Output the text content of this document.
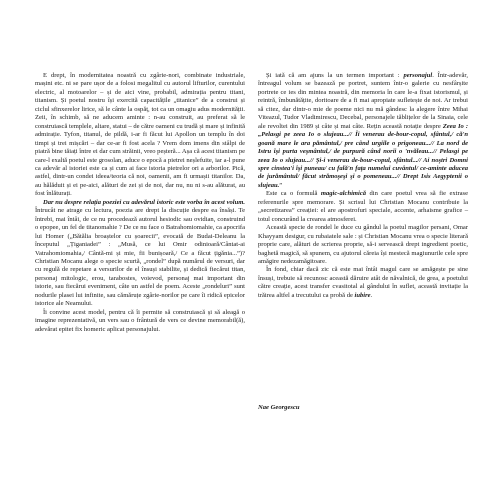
E drept, în modernitatea noastră cu zgârie-nori, combinate industriale, mașini etc. ni se pare ușor de a folosi megalitul cu autorul lifturilor, curentului electric, al motoarelor – și de aici vine, probabil, admirația pentru titani, titanism. Și poetul nostru își exercită capacitățile „titanice” de a construi și ciclul sfinxerelor lirice, să le cânte la ospăț, tot ca un omagiu adus modernității. Zeii, în schimb, să ne aducem aminte : n-au construit, au preferat să le construiască templele, altare, statui – de către oameni cu trudă și mare și infinită admirație. Tyfon, titanul, de pildă, i-ar fi făcut lui Apollon un templu în doi timpi și trei mișcări – dar ce-ar fi fost acela ? Vrem dom imens din stâlpi de piatră bine tăiați între ei dar cum străinii, vreo peșteră... Așa că acest titanism pe care-l exaltă poetul este grosolan, aduce o epocă a pietrei neșlefuite, iar a-l pune ca adevăr al istoriei este ca și cum ai face istoria pietrelor ori a arborilor. Pică, astfel, dintr-un condei ideea/teoria că noi, oamenii, am fi urmașii titanilor. Da, au hălăduit și ei pe-aici, alături de zei și de noi, dar nu, nu ni s-au alăturat, au fost înlăturați.

Dar nu despre relația poeziei cu adevărul istoric este vorba în acest volum. Întrucât ne atrage cu lectura, poezia are drept la discuție despre ea însăși. Te întrebi, mai întâi, de ce nu procedează autorul hesiodic sau ovidian, construind o epopee, un fel de titanomahie ? De ce nu face o Batrahomiomahie, ca apocrifa lui Homer („Bătălia broaștelor cu șoarecii”, evocată de Budai-Deleanu la începutul „Țiganiadei” : „Musă, ce lui Omir odinioară/Cântat-ai Vatrahomiomahia,/ Cântă-mi și mie, fii bunișoară,/ Ce a făcut țigănia...”)? Christian Mocanu alege o specie scurtă, „rondel” după numărul de versuri, dar cu regulă de repetare a versurilor de el însuși stabilite, și dedică fiecărui titan, personaj mitologic, erou, tarabostes, voievod, personaj mai important din istorie, sau fiecărui eveniment, câte un astfel de poem. Aceste „rondeluri” sunt nodurile plasei lui infinite, sau cămăruțe zgârie-norilor pe care îi ridică epicelor istorice ale Neamului.

Îi convine acest model, pentru că îi permite să construiască și să aleagă o imagine reprezentativă, un vers sau o frântură de vers ce devine memorabil(ă), adevărat epitet fix homeric aplicat personajului.

Și iată că am ajuns la un termen important : personajul. Într-adevăr, întreagul volum se bazează pe portret, suntem într-o galerie cu nesfârșite portrete ce ies din mintea noastră, din memoria în care le-a fixat istorismul, și reintră, îmbunătățite, doritoare de a fi mai apropiate sufletește de noi. Ar trebui să citez, dar dintr-o mie de poeme nici nu mă gândesc la alegere între Mihai Viteazul, Tudor Vladimirescu, Decebal, personajele tăblițelor de la Sinaia, cele ale revoltei din 1989 și câte și mai câte. Rețin această notație despre Zeea Io : „Pelasgi pe zeea Io o slujeau...// Îi venerau de-bour-copul, sfântul,/ că'n goană mare le ara pământul,/ pre când urgiile o prigoneau...// La nord de Istru îşi purta veşmântul,/ de purpură când norii o 'nvăleau...// Pelasgi pe zeea Io o slujeau...// Şi-i venerau de-bour-copul, sfântul...// Ai noştri Domni spre cinstea'i îşi puneau/ cu fală'n faţa numelui cuvântul/ ce-aminte aducea de jurământul/ făcut strămoşeşi şi o pomeneau...// Drept Isis Aegyptenii o slujeau.”

Este ca o formulă magic-alchimică din care poetul vrea să fie extrase referenurile spre memorare. Și scrisul lui Christian Mocanu contribuie la „secretizarea” creației: el are apostrofuri speciale, accente, arhaisme grafice – totul concurând la crearea atmosferei.

Această specie de rondel le duce cu gândul la poetul magilor persani, Omar Khayyam desigur, cu rubaiatele sale : și Christian Mocanu vrea o specie literară proprie care, alături de scrierea proprie, să-i servească drept ingredient poetic, baghetă magică, să spunem, cu ajutorul căreia își mestecă magiunurile cele spre amăgire nedezamăgitoare.

În fond, chiar dacă zic că este mai întâi magul care se amăgește pe sine însuși, trebuie să recunosc această dăruire atât de năvalnică, de grea, a poetului către creație, acest transfer cvasitotal al gândului în suflet, această invitație la trăirea altfel a trecutului ca probă de iubire.

Nae Georgescu
